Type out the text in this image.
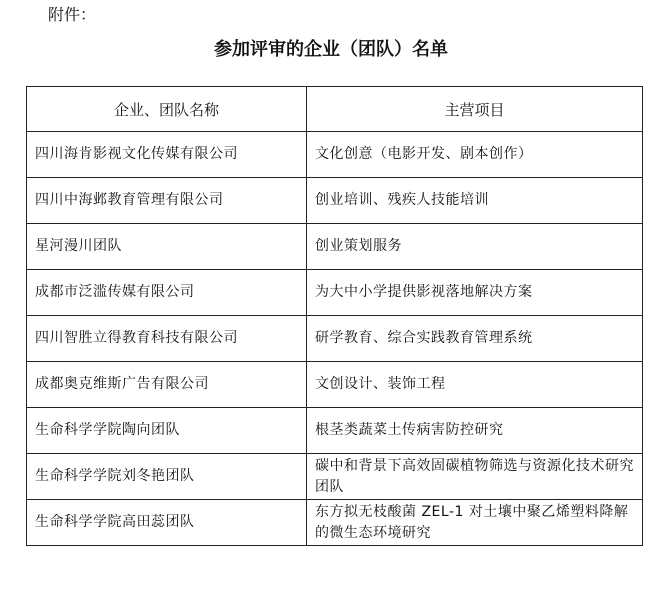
附件：
参加评审的企业（团队）名单
企业、团队名称	主营项目
四川海肯影视文化传媒有限公司	文化创意（电影开发、剧本创作）
四川中海邺教育管理有限公司	创业培训、残疾人技能培训
星河漫川团队	创业策划服务
成都市泛滥传媒有限公司	为大中小学提供影视落地解决方案
四川智胜立得教育科技有限公司	研学教育、综合实践教育管理系统
成都奥克维斯广告有限公司	文创设计、装饰工程
生命科学学院陶向团队	根茎类蔬菜土传病害防控研究
生命科学学院刘冬艳团队	碳中和背景下高效固碳植物筛选与资源化技术研究团队
生命科学学院高田蕊团队	东方拟无枝酸菌 ZEL-1 对土壤中聚乙烯塑料降解的微生态环境研究
